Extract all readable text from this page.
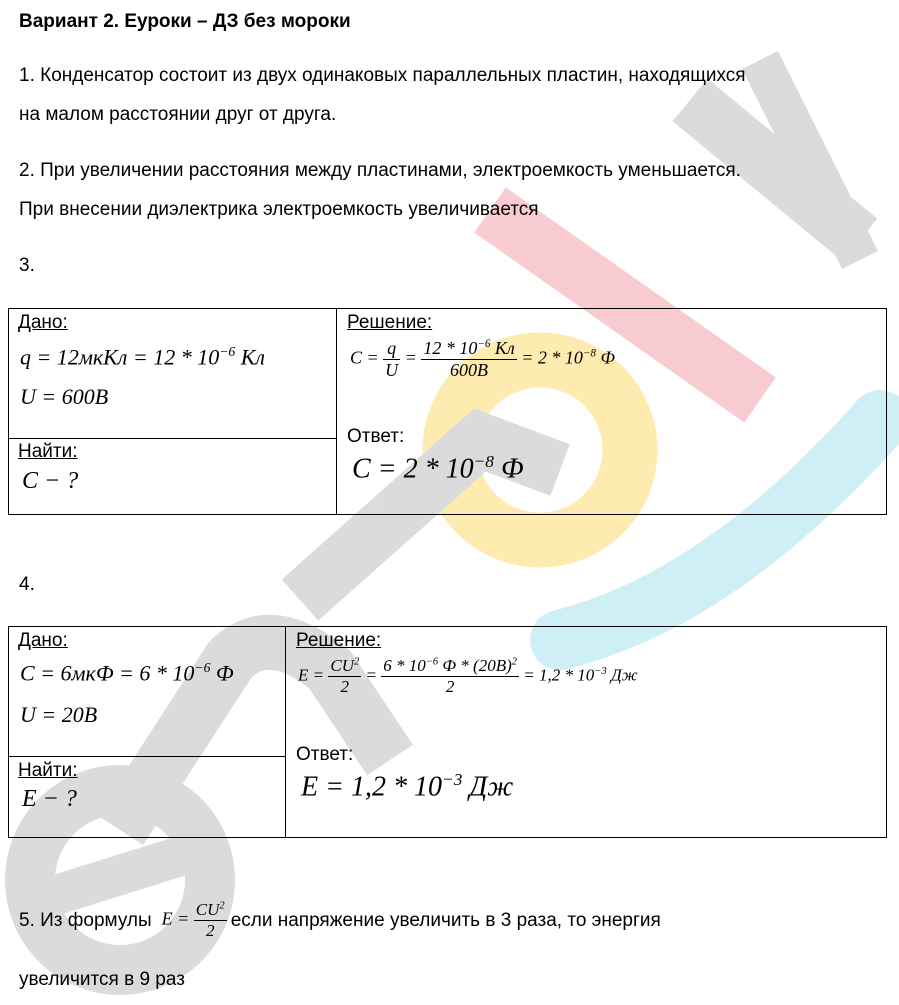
Вариант 2. Еуроки – ДЗ без мороки
1. Конденсатор состоит из двух одинаковых параллельных пластин, находящихся
на малом расстоянии друг от друга.
2. При увеличении расстояния между пластинами, электроемкость уменьшается.
При внесении диэлектрика электроемкость увеличивается
3.
Дано:
q = 12мкКл = $12 * 10^{-6}$ Кл
U = 600B
Найти:
C − ?
Решение:
$C = \frac{q}{U} = \frac{12 * 10^{-6} Кл}{600B} = 2 * 10^{-8}$ Ф
Ответ:
$C = 2 * 10^{-8}$ Ф
4.
Дано:
$C = 6мкФ = 6 * 10^{-6}$ Ф
U = 20B
Найти:
E − ?
Решение:
$E = \frac{CU^2}{2} = \frac{6 * 10^{-6} Ф * (20B)^2}{2} = 1,2 * 10^{-3}$ Дж
Ответ:
$E = 1,2 * 10^{-3}$ Дж
5. Из формулы $E = \frac{CU^2}{2}$ если напряжение увеличить в 3 раза, то энергия
увеличится в 9 раз
